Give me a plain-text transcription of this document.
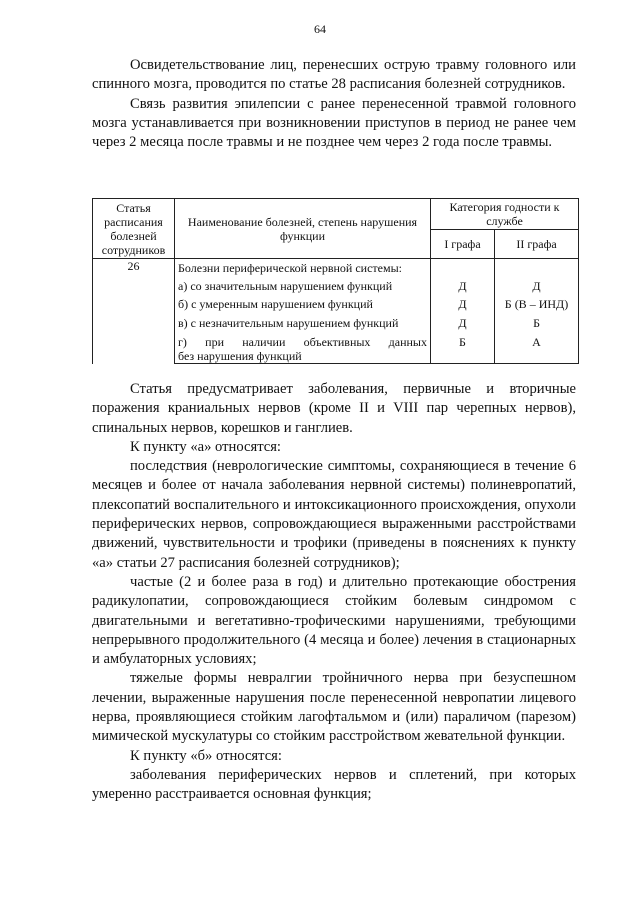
64

Освидетельствование лиц, перенесших острую травму головного или спинного мозга, проводится по статье 28 расписания болезней сотрудников.

Связь развития эпилепсии с ранее перенесенной травмой головного мозга устанавливается при возникновении приступов в период не ранее чем через 2 месяца после травмы и не позднее чем через 2 года после травмы.

Статья расписания болезней сотрудников	Наименование болезней, степень нарушения функции	Категория годности к службе	
		I графа	II графа
26	Болезни периферической нервной системы:		
	а) со значительным нарушением функций	Д	Д
	б) с умеренным нарушением функций	Д	Б (В – ИНД)
	в) с незначительным нарушением функций	Д	Б

	г) при наличии объективных данных	Б	А
	без нарушения функций		

Статья предусматривает заболевания, первичные и вторичные поражения краниальных нервов (кроме II и VIII пар черепных нервов), спинальных нервов, корешков и ганглиев.

К пункту «а» относятся:

последствия (неврологические симптомы, сохраняющиеся в течение 6 месяцев и более от начала заболевания нервной системы) полиневропатий, плексопатий воспалительного и интоксикационного происхождения, опухоли периферических нервов, сопровождающиеся выраженными расстройствами движений, чувствительности и трофики (приведены в пояснениях к пункту «а» статьи 27 расписания болезней сотрудников);

частые (2 и более раза в год) и длительно протекающие обострения радикулопатии, сопровождающиеся стойким болевым синдромом с двигательными и вегетативно-трофическими нарушениями, требующими непрерывного продолжительного (4 месяца и более) лечения в стационарных и амбулаторных условиях;

тяжелые формы невралгии тройничного нерва при безуспешном лечении, выраженные нарушения после перенесенной невропатии лицевого нерва, проявляющиеся стойким лагофтальмом и (или) параличом (парезом) мимической мускулатуры со стойким расстройством жевательной функции.

К пункту «б» относятся:

заболевания периферических нервов и сплетений, при которых умеренно расстраивается основная функция;
